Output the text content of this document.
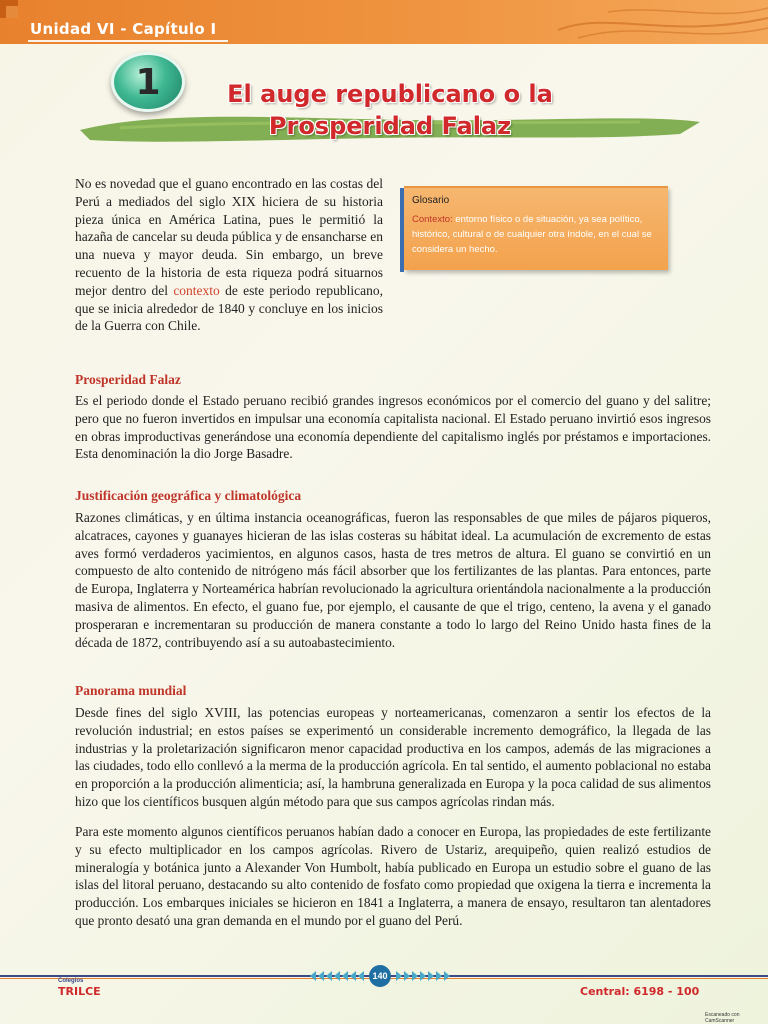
Unidad VI - Capítulo I
1	El auge republicano o la
Prosperidad Falaz

No es novedad que el guano encontrado en las costas del Perú a mediados del siglo XIX hiciera de su historia pieza única en América Latina, pues le permitió la hazaña de cancelar su deuda pública y de ensancharse en una nueva y mayor deuda. Sin embargo, un breve recuento de la historia de esta riqueza podrá situarnos mejor dentro del contexto de este periodo republicano, que se inicia alrededor de 1840 y concluye en los inicios de la Guerra con Chile.

Glosario
Contexto: entorno físico o de situación, ya sea político, histórico, cultural o de cualquier otra índole, en el cual se considera un hecho.
Prosperidad Falaz

Es el periodo donde el Estado peruano recibió grandes ingresos económicos por el comercio del guano y del salitre; pero que no fueron invertidos en impulsar una economía capitalista nacional. El Estado peruano invirtió esos ingresos en obras improductivas generándose una economía dependiente del capitalismo inglés por préstamos e importaciones. Esta denominación la dio Jorge Basadre.

Justificación geográfica y climatológica

Razones climáticas, y en última instancia oceanográficas, fueron las responsables de que miles de pájaros piqueros, alcatraces, cayones y guanayes hicieran de las islas costeras su hábitat ideal. La acumulación de excremento de estas aves formó verdaderos yacimientos, en algunos casos, hasta de tres metros de altura. El guano se convirtió en un compuesto de alto contenido de nitrógeno más fácil absorber que los fertilizantes de las plantas. Para entonces, parte de Europa, Inglaterra y Norteamérica habrían revolucionado la agricultura orientándola nacionalmente a la producción masiva de alimentos. En efecto, el guano fue, por ejemplo, el causante de que el trigo, centeno, la avena y el ganado prosperaran e incrementaran su producción de manera constante a todo lo largo del Reino Unido hasta fines de la década de 1872, contribuyendo así a su autoabastecimiento.

Panorama mundial

Desde fines del siglo XVIII, las potencias europeas y norteamericanas, comenzaron a sentir los efectos de la revolución industrial; en estos países se experimentó un considerable incremento demográfico, la llegada de las industrias y la proletarización significaron menor capacidad productiva en los campos, además de las migraciones a las ciudades, todo ello conllevó a la merma de la producción agrícola. En tal sentido, el aumento poblacional no estaba en proporción a la producción alimenticia; así, la hambruna generalizada en Europa y la poca calidad de sus alimentos hizo que los científicos busquen algún método para que sus campos agrícolas rindan más.

Para este momento algunos científicos peruanos habían dado a conocer en Europa, las propiedades de este fertilizante y su efecto multiplicador en los campos agrícolas. Rivero de Ustariz, arequipeño, quien realizó estudios de mineralogía y botánica junto a Alexander Von Humbolt, había publicado en Europa un estudio sobre el guano de las islas del litoral peruano, destacando su alto contenido de fosfato como propiedad que oxigena la tierra e incrementa la producción. Los embarques iniciales se hicieron en 1841 a Inglaterra, a manera de ensayo, resultaron tan alentadores que pronto desató una gran demanda en el mundo por el guano del Perú.

Colegios
TRILCE
140
Central: 6198 - 100
Escaneado con CamScanner
